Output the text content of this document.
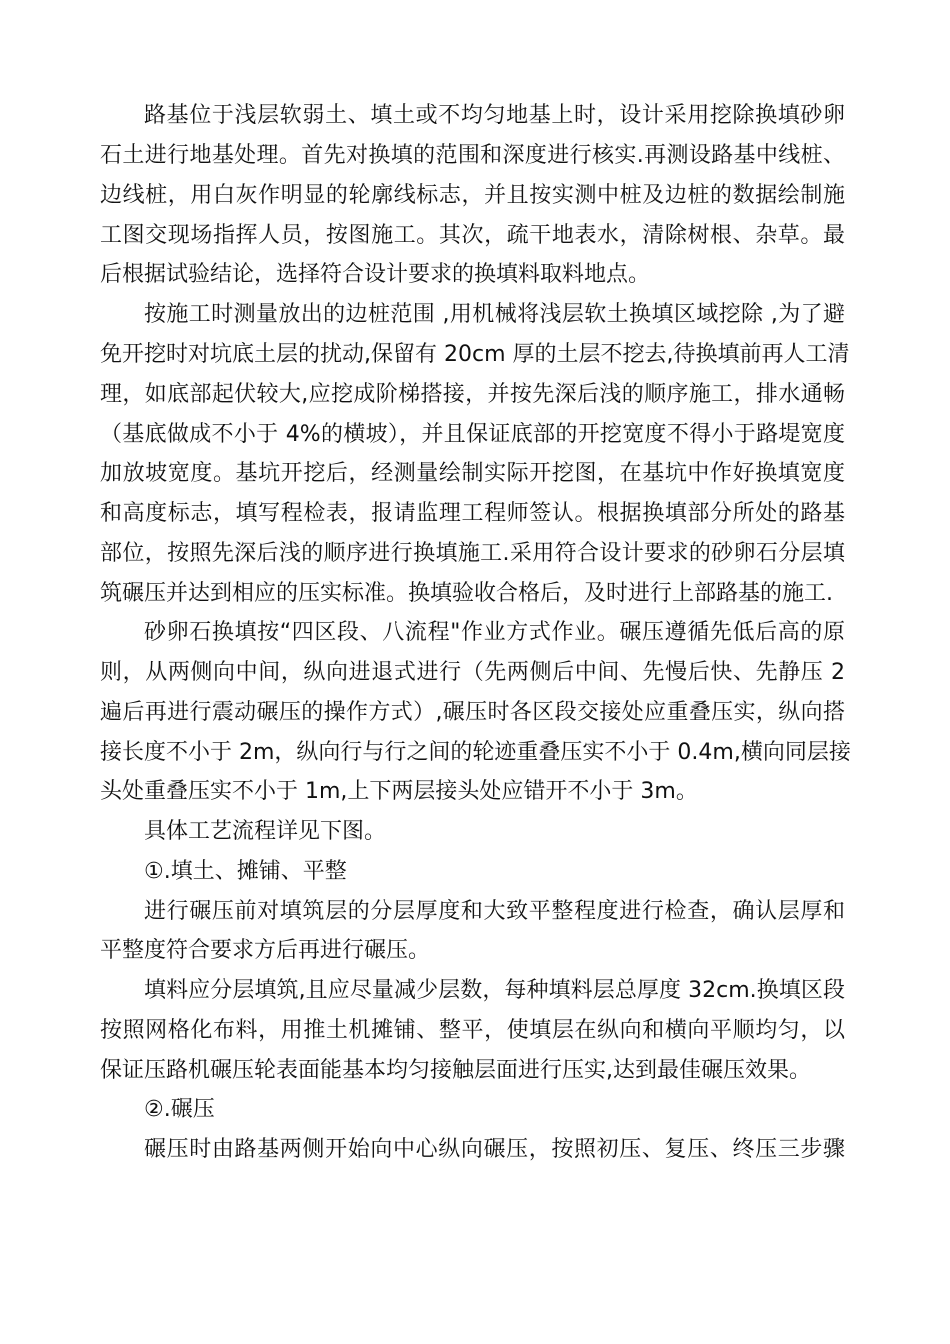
路基位于浅层软弱土、填土或不均匀地基上时，设计采用挖除换填砂卵
石土进行地基处理。首先对换填的范围和深度进行核实.再测设路基中线桩、
边线桩，用白灰作明显的轮廓线标志，并且按实测中桩及边桩的数据绘制施
工图交现场指挥人员，按图施工。其次，疏干地表水，清除树根、杂草。最
后根据试验结论，选择符合设计要求的换填料取料地点。
按施工时测量放出的边桩范围 ,用机械将浅层软土换填区域挖除 ,为了避
免开挖时对坑底土层的扰动,保留有 20cm 厚的土层不挖去,待换填前再人工清
理，如底部起伏较大,应挖成阶梯搭接，并按先深后浅的顺序施工，排水通畅
（基底做成不小于 4%的横坡），并且保证底部的开挖宽度不得小于路堤宽度
加放坡宽度。基坑开挖后，经测量绘制实际开挖图，在基坑中作好换填宽度
和高度标志，填写程检表，报请监理工程师签认。根据换填部分所处的路基
部位，按照先深后浅的顺序进行换填施工.采用符合设计要求的砂卵石分层填
筑碾压并达到相应的压实标准。换填验收合格后，及时进行上部路基的施工.
砂卵石换填按“四区段、八流程"作业方式作业。碾压遵循先低后高的原
则，从两侧向中间，纵向进退式进行（先两侧后中间、先慢后快、先静压 2
遍后再进行震动碾压的操作方式）,碾压时各区段交接处应重叠压实，纵向搭
接长度不小于 2m，纵向行与行之间的轮迹重叠压实不小于 0.4m,横向同层接
头处重叠压实不小于 1m,上下两层接头处应错开不小于 3m。
具体工艺流程详见下图。
①.填土、摊铺、平整
进行碾压前对填筑层的分层厚度和大致平整程度进行检查，确认层厚和
平整度符合要求方后再进行碾压。
填料应分层填筑,且应尽量减少层数，每种填料层总厚度 32cm.换填区段
按照网格化布料，用推土机摊铺、整平，使填层在纵向和横向平顺均匀，以
保证压路机碾压轮表面能基本均匀接触层面进行压实,达到最佳碾压效果。
②.碾压
碾压时由路基两侧开始向中心纵向碾压，按照初压、复压、终压三步骤
